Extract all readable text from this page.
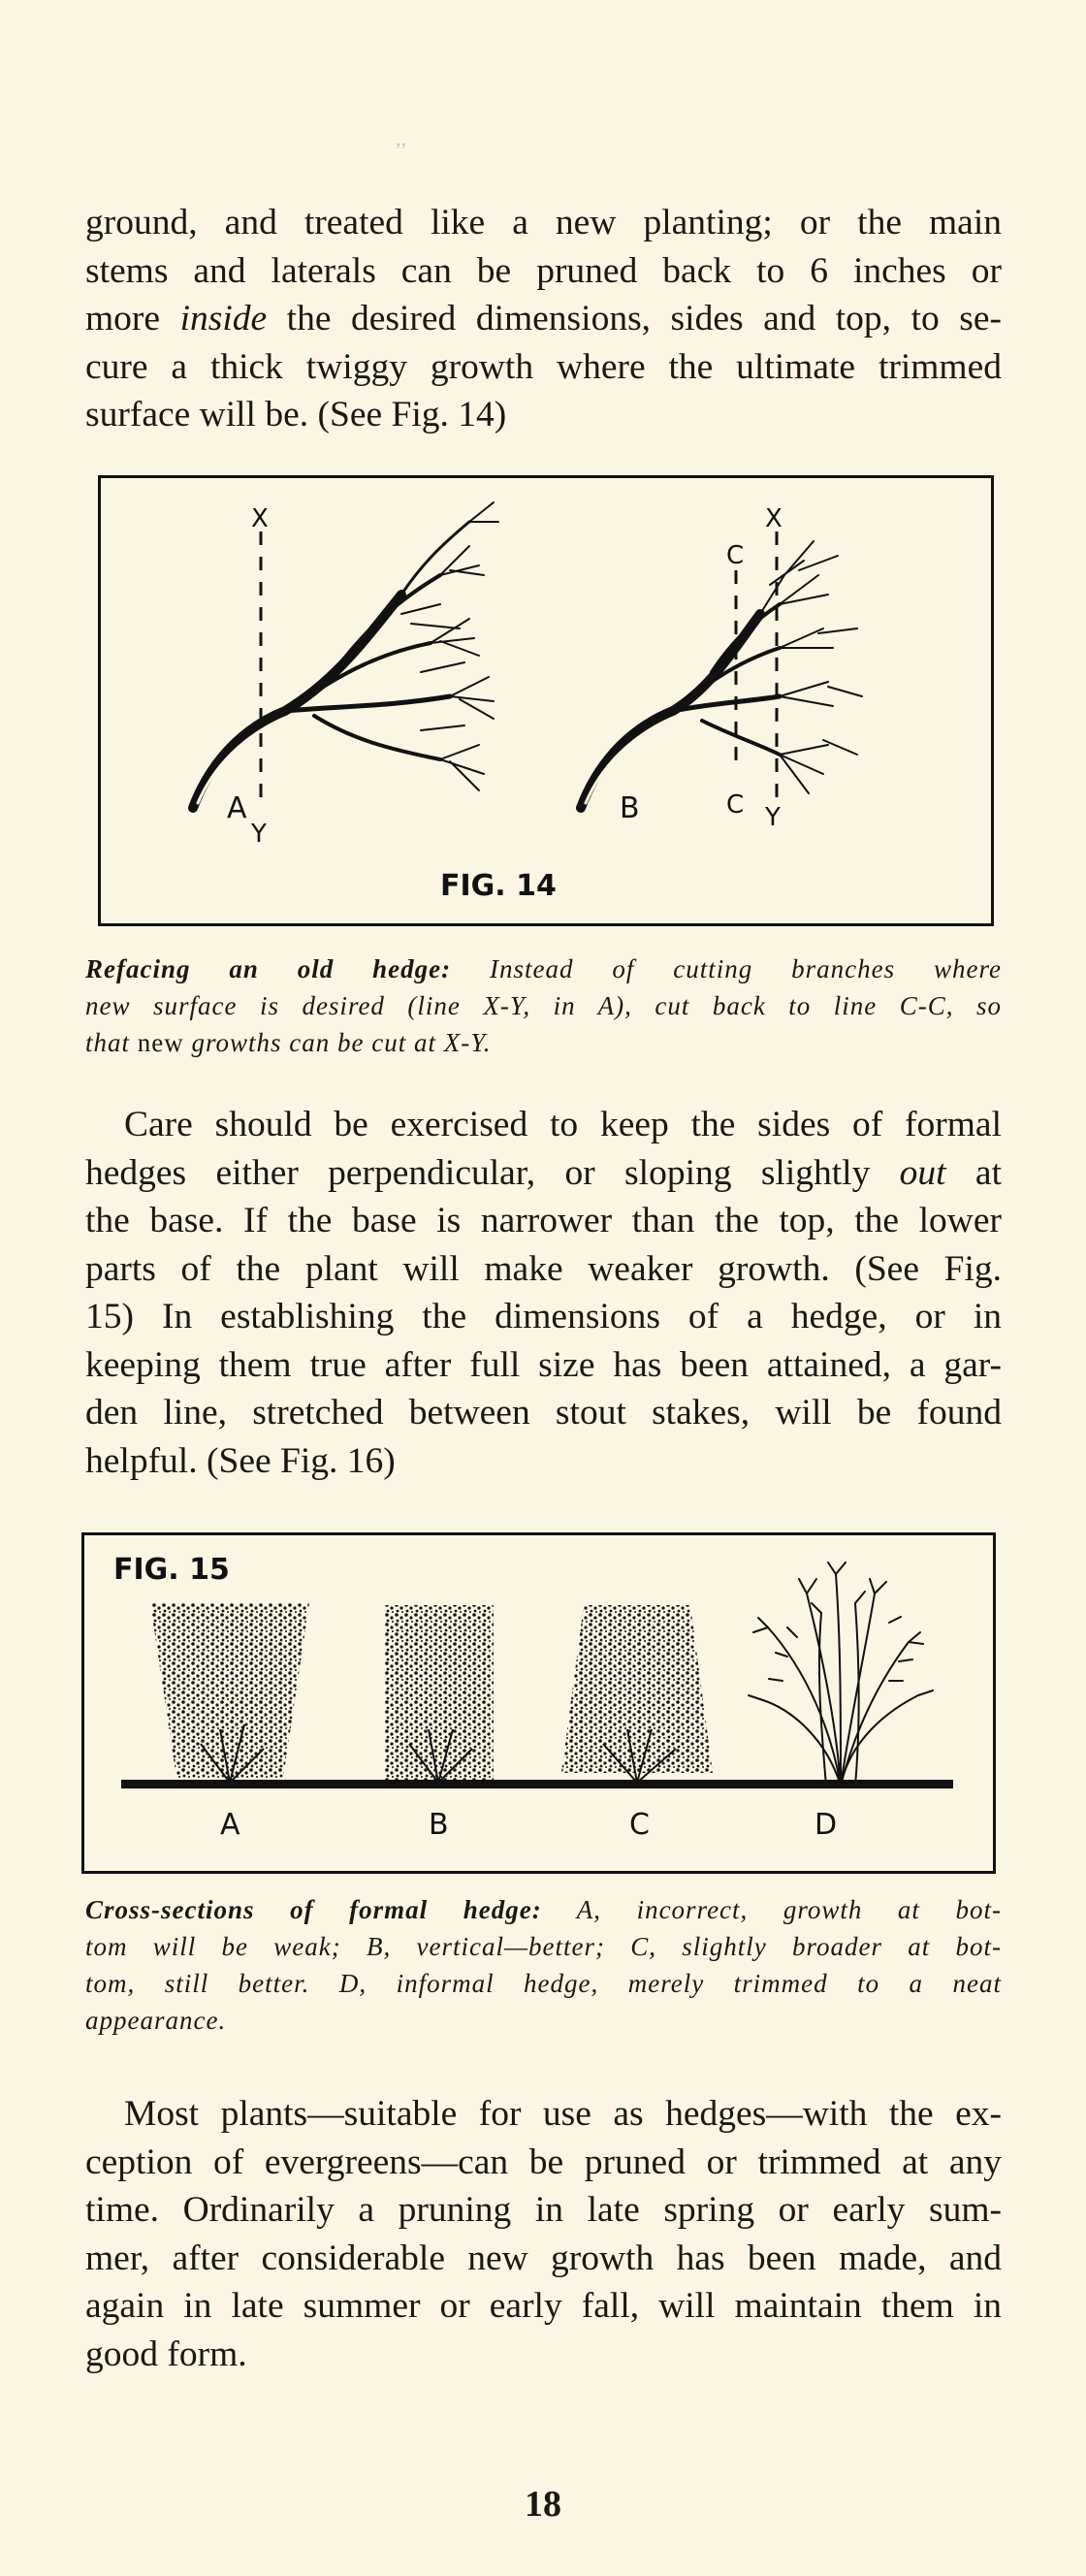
,,
ground, and treated like a new planting; or the main
stems and laterals can be pruned back to 6 inches or
more inside the desired dimensions, sides and top, to se-
cure a thick twiggy growth where the ultimate trimmed
surface will be. (See Fig. 14)
X
Y
X
Y
C
C
A	B
FIG. 14
Refacing an old hedge: Instead of cutting branches where
new surface is desired (line X-Y, in A), cut back to line C-C, so
that new growths can be cut at X-Y.
Care should be exercised to keep the sides of formal
hedges either perpendicular, or sloping slightly out at
the base. If the base is narrower than the top, the lower
parts of the plant will make weaker growth. (See Fig.
15) In establishing the dimensions of a hedge, or in
keeping them true after full size has been attained, a gar-
den line, stretched between stout stakes, will be found
helpful. (See Fig. 16)
FIG. 15
A	B	C	D
Cross-sections of formal hedge: A, incorrect, growth at bot-
tom will be weak; B, vertical—better; C, slightly broader at bot-
tom, still better. D, informal hedge, merely trimmed to a neat
appearance.
Most plants—suitable for use as hedges—with the ex-
ception of evergreens—can be pruned or trimmed at any
time. Ordinarily a pruning in late spring or early sum-
mer, after considerable new growth has been made, and
again in late summer or early fall, will maintain them in
good form.
18
